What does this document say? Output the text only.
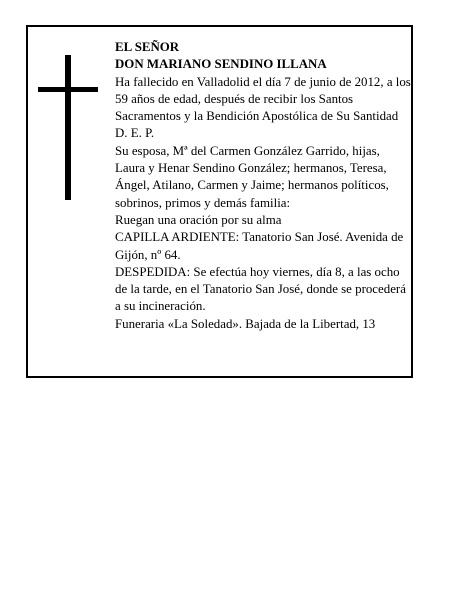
EL SEÑOR

DON MARIANO SENDINO ILLANA

Ha fallecido en Valladolid el día 7 de junio de 2012, a los 59 años de edad, después de recibir los Santos Sacramentos y la Bendición Apostólica de Su Santidad D. E. P.

Su esposa, Mª del Carmen González Garrido, hijas, Laura y Henar Sendino González; hermanos, Teresa, Ángel, Atilano, Carmen y Jaime; hermanos políticos, sobrinos, primos y demás familia:

Ruegan una oración por su alma

CAPILLA ARDIENTE: Tanatorio San José. Avenida de Gijón, nº 64.

DESPEDIDA: Se efectúa hoy viernes, día 8, a las ocho de la tarde, en el Tanatorio San José, donde se procederá a su incineración.

Funeraria «La Soledad». Bajada de la Libertad, 13
